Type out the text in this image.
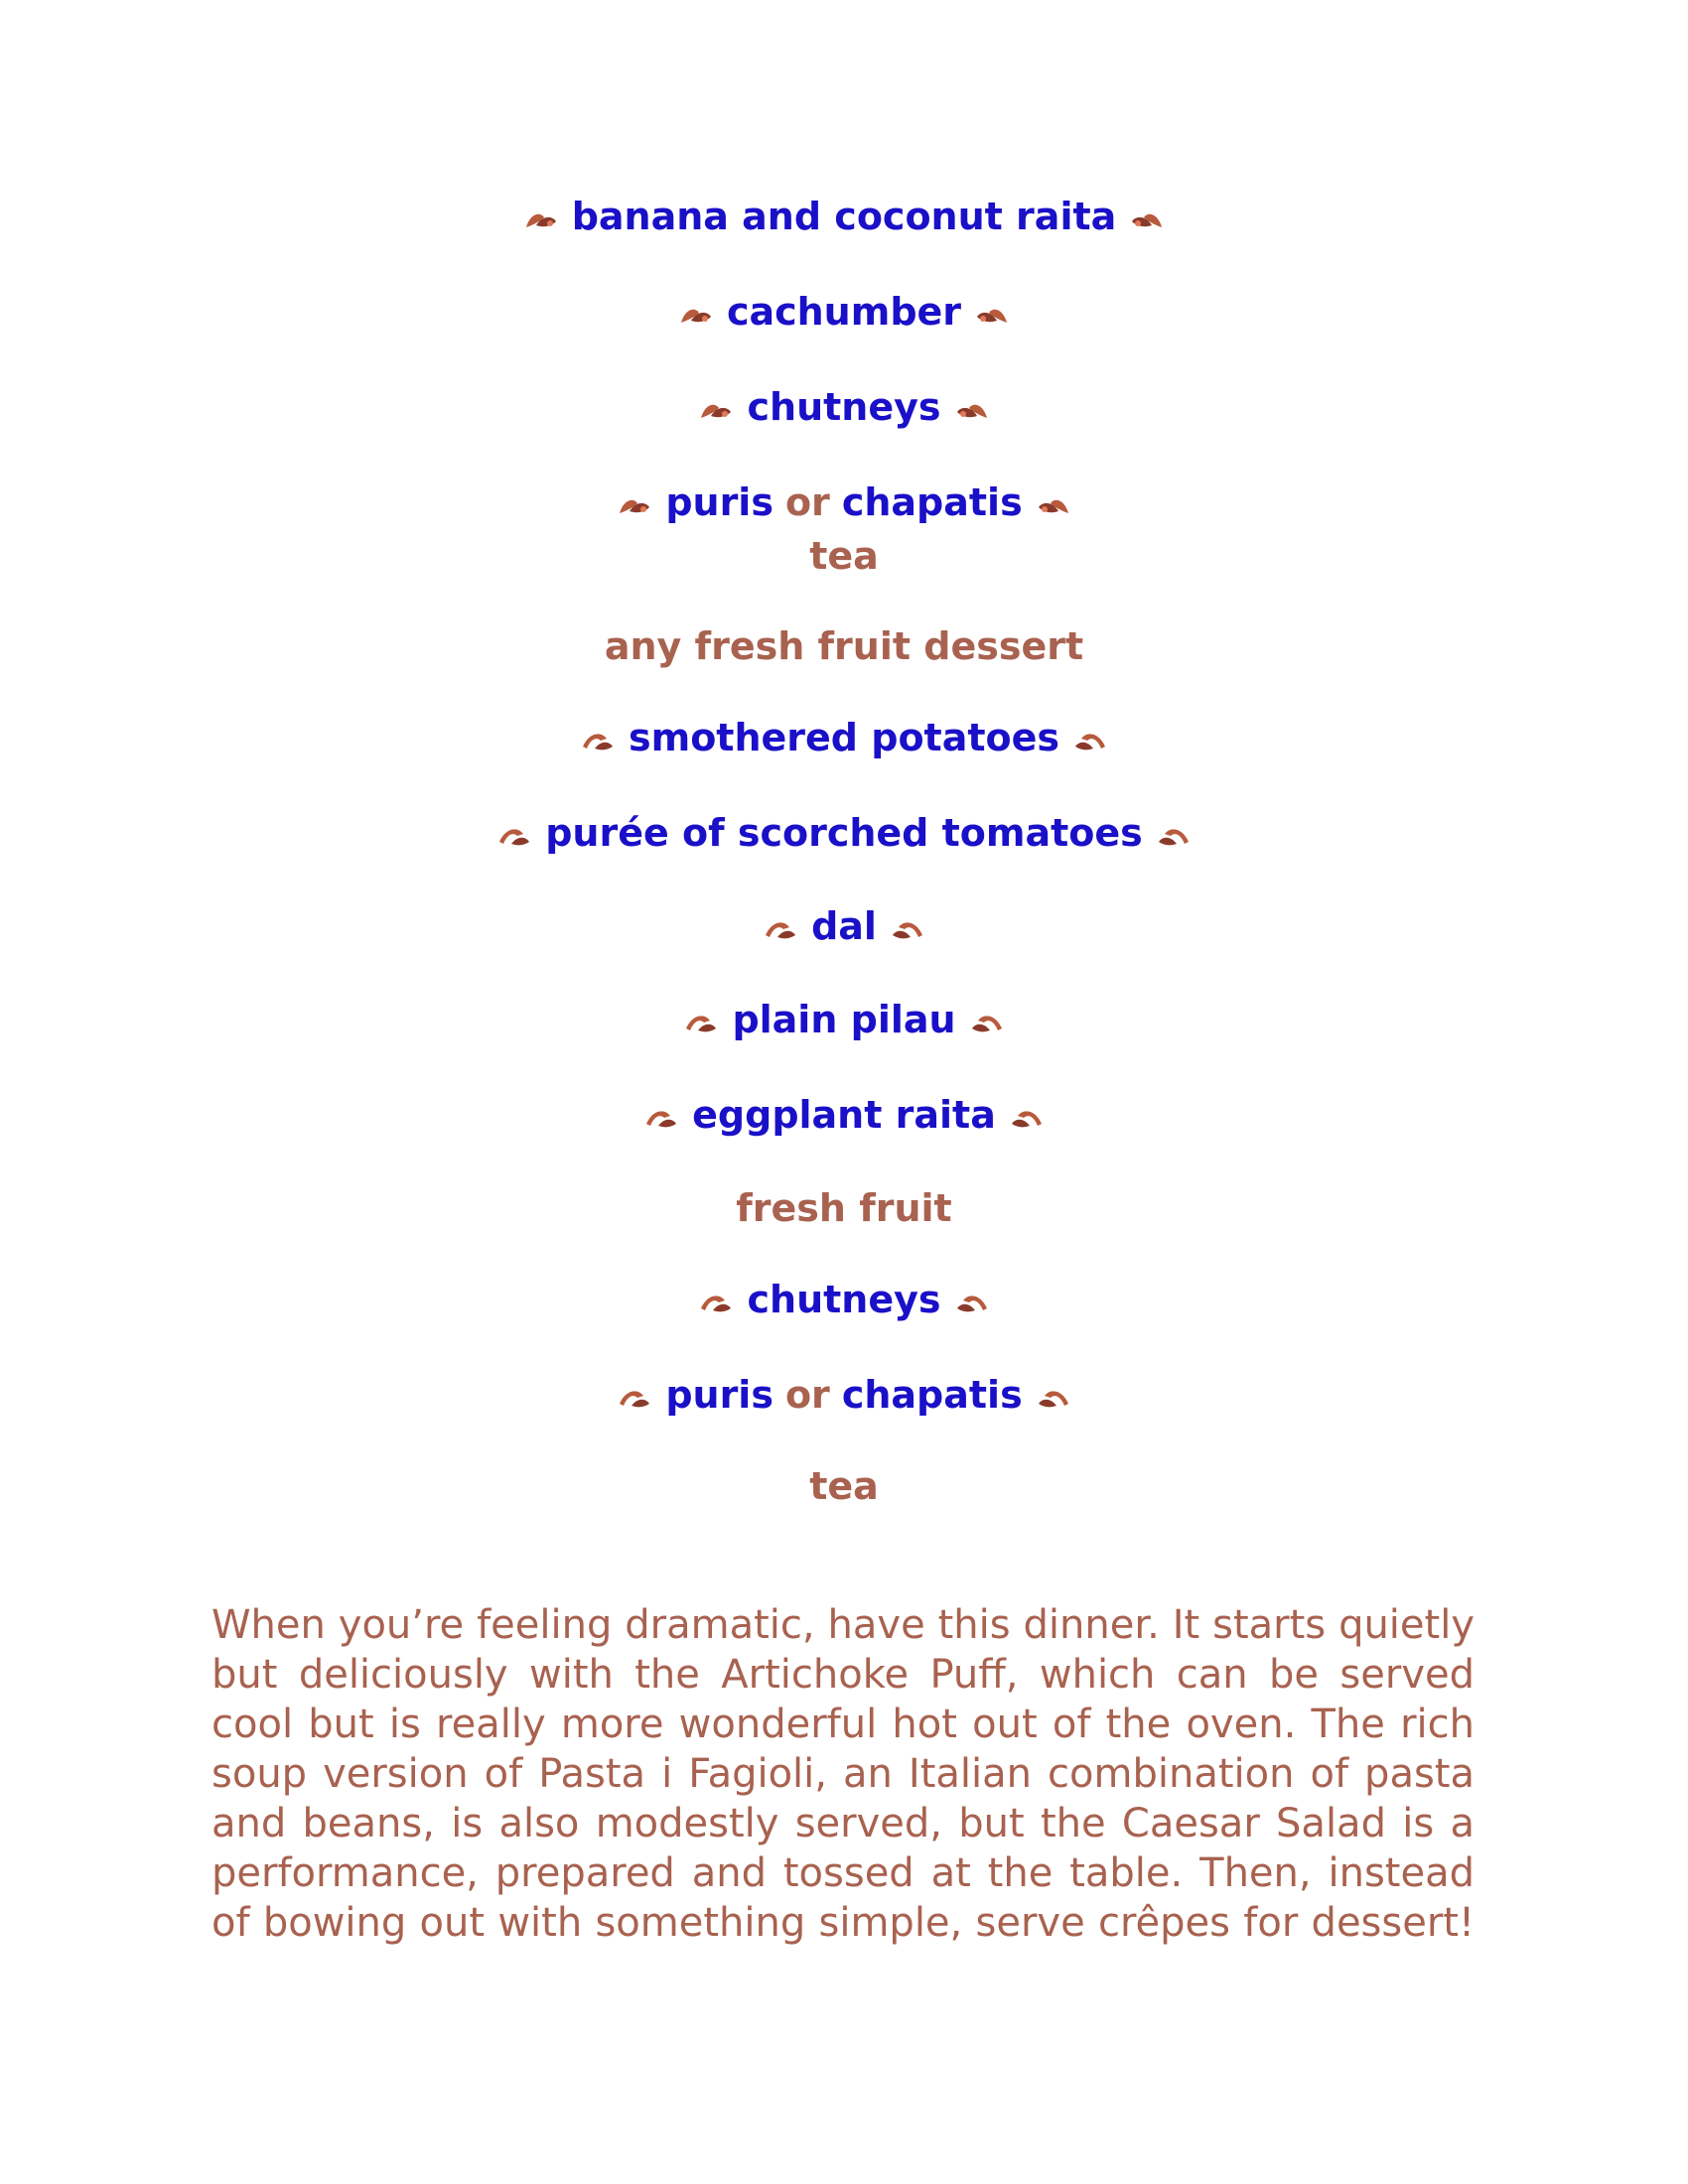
banana and coconut raita
cachumber
chutneys
puris or chapatis
tea
any fresh fruit dessert
smothered potatoes
purée of scorched tomatoes
dal
plain pilau
eggplant raita
fresh fruit
chutneys
puris or chapatis
tea

When you’re feeling dramatic, have this dinner. It starts quietly but deliciously with the Artichoke Puff, which can be served cool but is really more wonderful hot out of the oven. The rich soup version of Pasta i Fagioli, an Italian combination of pasta and beans, is also modestly served, but the Caesar Salad is a performance, prepared and tossed at the table. Then, instead of bowing out with something simple, serve crêpes for dessert!
